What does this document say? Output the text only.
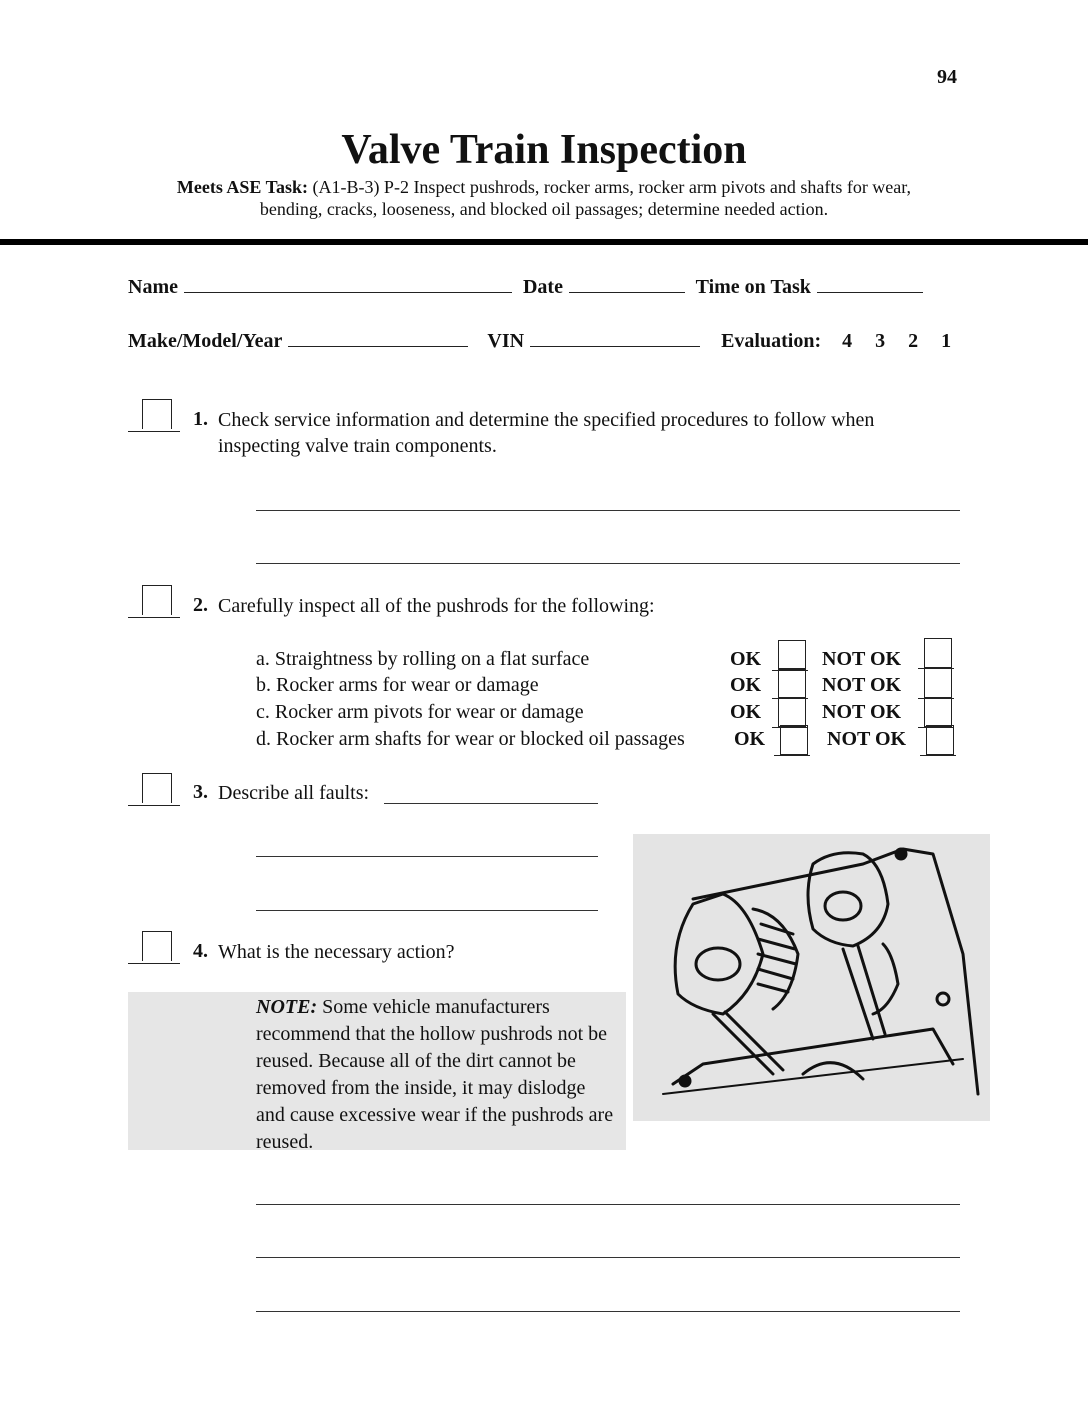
94
Valve Train Inspection
Meets ASE Task: (A1-B-3) P-2 Inspect pushrods, rocker arms, rocker arm pivots and shafts for wear,
bending, cracks, looseness, and blocked oil passages; determine needed action.
Name	Date	Time on Task
Make/Model/Year	VIN	Evaluation: 4 3 2 1
1. Check service information and determine the specified procedures to follow when
inspecting valve train components.
2. Carefully inspect all of the pushrods for the following:
a. Straightness by rolling on a flat surface	OK	NOT OK
b. Rocker arms for wear or damage	OK	NOT OK
c. Rocker arm pivots for wear or damage	OK	NOT OK
d. Rocker arm shafts for wear or blocked oil passages OK	NOT OK
3. Describe all faults:
4. What is the necessary action?
NOTE: Some vehicle manufacturers recommend that the hollow pushrods not be reused. Because all of the dirt cannot be removed from the inside, it may dislodge and cause excessive wear if the pushrods are reused.
